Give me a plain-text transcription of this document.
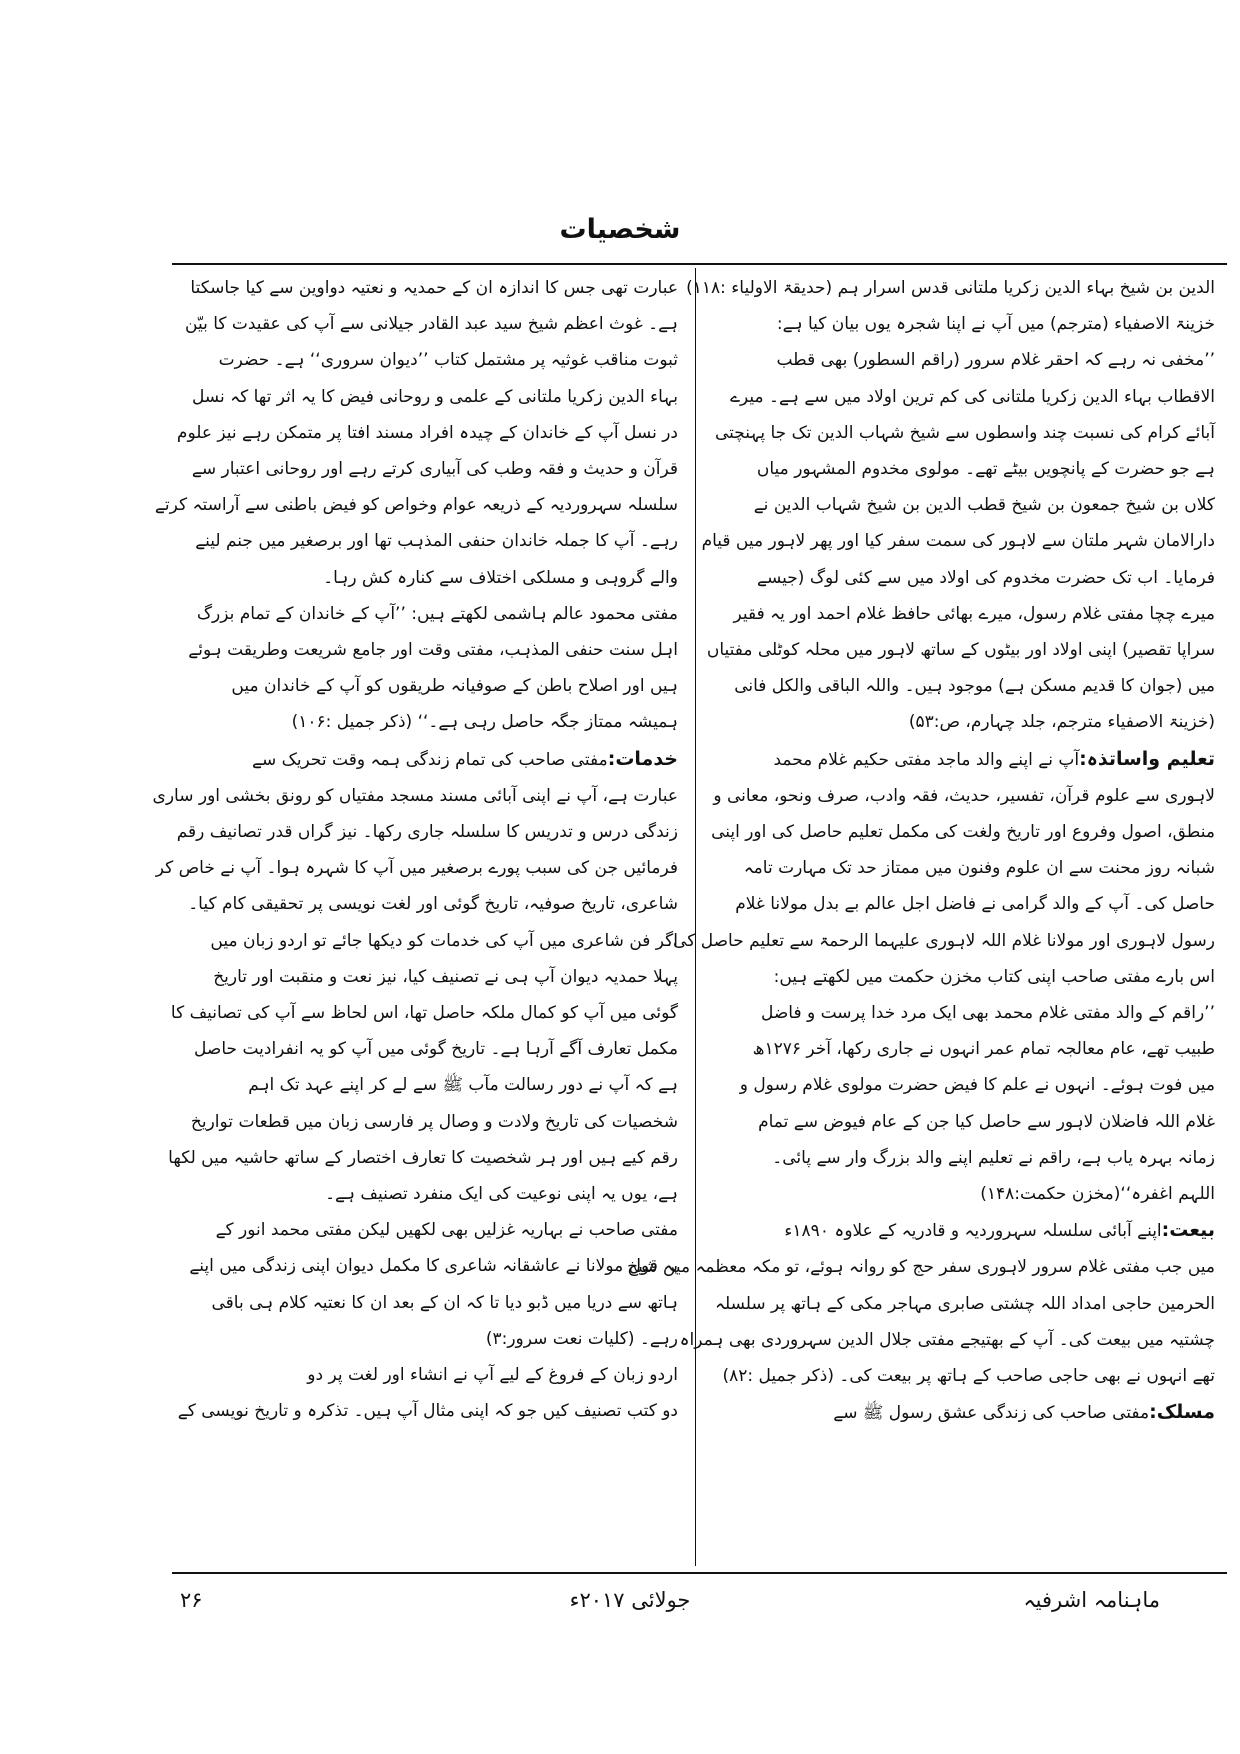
شخصیات
الدین بن شیخ بہاء الدین زکریا ملتانی قدس اسرار ہم (حدیقۃ الاولیاء :۱۱۸)
خزینۃ الاصفیاء (مترجم) میں آپ نے اپنا شجرہ یوں بیان کیا ہے:
’’مخفی نہ رہے کہ احقر غلام سرور (راقم السطور) بھی قطب
الاقطاب بہاء الدین زکریا ملتانی کی کم ترین اولاد میں سے ہے۔ میرے
آبائے کرام کی نسبت چند واسطوں سے شیخ شہاب الدین تک جا پہنچتی
ہے جو حضرت کے پانچویں بیٹے تھے۔ مولوی مخدوم المشہور میاں
کلاں بن شیخ جمعون بن شیخ قطب الدین بن شیخ شہاب الدین نے
دارالامان شہر ملتان سے لاہور کی سمت سفر کیا اور پھر لاہور میں قیام
فرمایا۔ اب تک حضرت مخدوم کی اولاد میں سے کئی لوگ (جیسے
میرے چچا مفتی غلام رسول، میرے بھائی حافظ غلام احمد اور یہ فقیر
سراپا تقصیر) اپنی اولاد اور بیٹوں کے ساتھ لاہور میں محلہ کوٹلی مفتیاں
میں (جوان کا قدیم مسکن ہے) موجود ہیں۔ واللہ الباقی والکل فانی
(خزینۃ الاصفیاء مترجم، جلد چہارم، ص:۵۳)
تعلیم واساتذہ:آپ نے اپنے والد ماجد مفتی حکیم غلام محمد
لاہوری سے علوم قرآن، تفسیر، حدیث، فقہ وادب، صرف ونحو، معانی و
منطق، اصول وفروع اور تاریخ ولغت کی مکمل تعلیم حاصل کی اور اپنی
شبانہ روز محنت سے ان علوم وفنون میں ممتاز حد تک مہارت تامہ
حاصل کی۔ آپ کے والد گرامی نے فاضل اجل عالم بے بدل مولانا غلام
رسول لاہوری اور مولانا غلام اللہ لاہوری علیہما الرحمۃ سے تعلیم حاصل کی۔
اس بارے مفتی صاحب اپنی کتاب مخزن حکمت میں لکھتے ہیں:
’’راقم کے والد مفتی غلام محمد بھی ایک مرد خدا پرست و فاضل
طبیب تھے، عام معالجہ تمام عمر انہوں نے جاری رکھا، آخر ۱۲۷۶ھ
میں فوت ہوئے۔ انہوں نے علم کا فیض حضرت مولوی غلام رسول و
غلام اللہ فاضلان لاہور سے حاصل کیا جن کے عام فیوض سے تمام
زمانہ بہرہ یاب ہے، راقم نے تعلیم اپنے والد بزرگ وار سے پائی۔
اللہم اغفرہ‘‘(مخزن حکمت:۱۴۸)
بیعت:اپنے آبائی سلسلہ سہروردیہ و قادریہ کے علاوہ ۱۸۹۰ء
میں جب مفتی غلام سرور لاہوری سفر حج کو روانہ ہوئے، تو مکہ معظمہ میں شیخ
الحرمین حاجی امداد اللہ چشتی صابری مہاجر مکی کے ہاتھ پر سلسلہ
چشتیہ میں بیعت کی۔ آپ کے بھتیجے مفتی جلال الدین سہروردی بھی ہمراہ
تھے انہوں نے بھی حاجی صاحب کے ہاتھ پر بیعت کی۔ (ذکر جمیل :۸۲)
مسلک:مفتی صاحب کی زندگی عشق رسول ﷺ سے
عبارت تھی جس کا اندازہ ان کے حمدیہ و نعتیہ دواوین سے کیا جاسکتا
ہے۔ غوث اعظم شیخ سید عبد القادر جیلانی سے آپ کی عقیدت کا بیّن
ثبوت مناقب غوثیہ پر مشتمل کتاب ’’دیوان سروری‘‘ ہے۔ حضرت
بہاء الدین زکریا ملتانی کے علمی و روحانی فیض کا یہ اثر تھا کہ نسل
در نسل آپ کے خاندان کے چیدہ افراد مسند افتا پر متمکن رہے نیز علوم
قرآن و حدیث و فقہ وطب کی آبیاری کرتے رہے اور روحانی اعتبار سے
سلسلہ سہروردیہ کے ذریعہ عوام وخواص کو فیض باطنی سے آراستہ کرتے
رہے۔ آپ کا جملہ خاندان حنفی المذہب تھا اور برصغیر میں جنم لینے
والے گروہی و مسلکی اختلاف سے کنارہ کش رہا۔
مفتی محمود عالم ہاشمی لکھتے ہیں: ’’آپ کے خاندان کے تمام بزرگ
اہل سنت حنفی المذہب، مفتی وقت اور جامع شریعت وطریقت ہوئے
ہیں اور اصلاح باطن کے صوفیانہ طریقوں کو آپ کے خاندان میں
ہمیشہ ممتاز جگہ حاصل رہی ہے۔‘‘ (ذکر جمیل :۱۰۶)
خدمات:مفتی صاحب کی تمام زندگی ہمہ وقت تحریک سے
عبارت ہے، آپ نے اپنی آبائی مسند مسجد مفتیاں کو رونق بخشی اور ساری
زندگی درس و تدریس کا سلسلہ جاری رکھا۔ نیز گراں قدر تصانیف رقم
فرمائیں جن کی سبب پورے برصغیر میں آپ کا شہرہ ہوا۔ آپ نے خاص کر
شاعری، تاریخ صوفیہ، تاریخ گوئی اور لغت نویسی پر تحقیقی کام کیا۔
اگر فن شاعری میں آپ کی خدمات کو دیکھا جائے تو اردو زبان میں
پہلا حمدیہ دیوان آپ ہی نے تصنیف کیا، نیز نعت و منقبت اور تاریخ
گوئی میں آپ کو کمال ملکہ حاصل تھا، اس لحاظ سے آپ کی تصانیف کا
مکمل تعارف آگے آرہا ہے۔ تاریخ گوئی میں آپ کو یہ انفرادیت حاصل
ہے کہ آپ نے دور رسالت مآب ﷺ سے لے کر اپنے عہد تک اہم
شخصیات کی تاریخ ولادت و وصال پر فارسی زبان میں قطعات تواریخ
رقم کیے ہیں اور ہر شخصیت کا تعارف اختصار کے ساتھ حاشیہ میں لکھا
ہے، یوں یہ اپنی نوعیت کی ایک منفرد تصنیف ہے۔
مفتی صاحب نے بہاریہ غزلیں بھی لکھیں لیکن مفتی محمد انور کے
بہ قول مولانا نے عاشقانہ شاعری کا مکمل دیوان اپنی زندگی میں اپنے
ہاتھ سے دریا میں ڈبو دیا تا کہ ان کے بعد ان کا نعتیہ کلام ہی باقی
رہے۔ (کلیات نعت سرور:۳)
اردو زبان کے فروغ کے لیے آپ نے انشاء اور لغت پر دو
دو کتب تصنیف کیں جو کہ اپنی مثال آپ ہیں۔ تذکرہ و تاریخ نویسی کے
ماہنامہ اشرفیہ
جولائی ۲۰۱۷ء
۲۶
